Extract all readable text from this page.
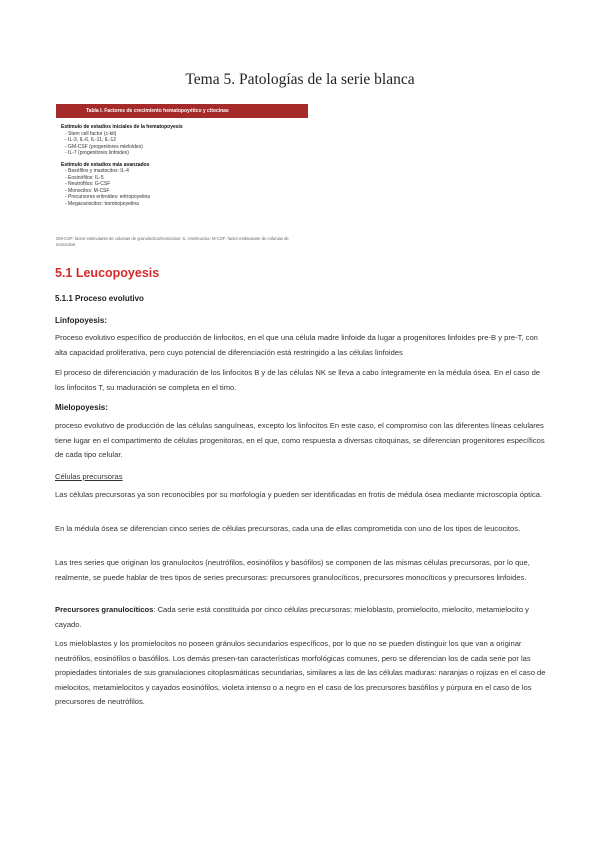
Tema 5. Patologías de la serie blanca
Tabla I. Factores de crecimiento hematopoyético y citocinas
Estímulo de estadios iniciales de la hematopoyesis
- Stem cell factor (c-kit)
- IL-3, IL-6, IL-11, IL-12
- GM-CSF (progenitores mieloides)
- IL-7 (progenitores linfoides)
Estímulo de estadios más avanzados
- Basófilos y mastocitos: IL-4
- Eosinófilos: IL-5
- Neutrófilos: G-CSF
- Monocitos: M-CSF
- Precursores eritroides: eritropoyetina
- Megacariocitos: trombopoyetina
GM-CSF: factor estimulante de colonias de granulocitos/monocitos; IL: interleucina; M-CSF: factor estimulante de colonias de monocitos.
5.1 Leucopoyesis
5.1.1 Proceso evolutivo
Linfopoyesis:

Proceso evolutivo específico de producción de linfocitos, en el que una célula madre linfoide da lugar a progenitores linfoides pre-B y pre-T, con alta capacidad proliferativa, pero cuyo potencial de diferenciación está restringido a las células linfoides

El proceso de diferenciación y maduración de los linfocitos B y de las células NK se lleva a cabo íntegramente en la médula ósea. En el caso de los linfocitos T, su maduración se completa en el timo.

Mielopoyesis:

proceso evolutivo de producción de las células sanguíneas, excepto los linfocitos En este caso, el compromiso con las diferentes líneas celulares tiene lugar en el compartimento de células progenitoras, en el que, como respuesta a diversas citoquinas, se diferencian progenitores específicos de cada tipo celular.

Células precursoras

Las células precursoras ya son reconocibles por su morfología y pueden ser identificadas en frotis de médula ósea mediante microscopía óptica.

En la médula ósea se diferencian cinco series de células precursoras, cada una de ellas comprometida con uno de los tipos de leucocitos.

Las tres series que originan los granulocitos (neutrófilos, eosinófilos y basófilos) se componen de las mismas células precursoras, por lo que, realmente, se puede hablar de tres tipos de series precursoras: precursores granulocíticos, precursores monocíticos y precursores linfoides.

Precursores granulocíticos: Cada serie está constituida por cinco células precursoras: mieloblasto, promielocito, mielocito, metamielocito y cayado.

Los mieloblastos y los promielocitos no poseen gránulos secundarios específicos, por lo que no se pueden distinguir los que van a originar neutrófilos, eosinófilos o basófilos. Los demás presen-tan características morfológicas comunes, pero se diferencian los de cada serie por las propiedades tintoriales de sus granulaciones citoplasmáticas secundarias, similares a las de las células maduras: naranjas o rojizas en el caso de mielocitos, metamielocitos y cayados eosinófilos, violeta intenso o a negro en el caso de los precursores basófilos y púrpura en el caso de los precursores de neutrófilos.
